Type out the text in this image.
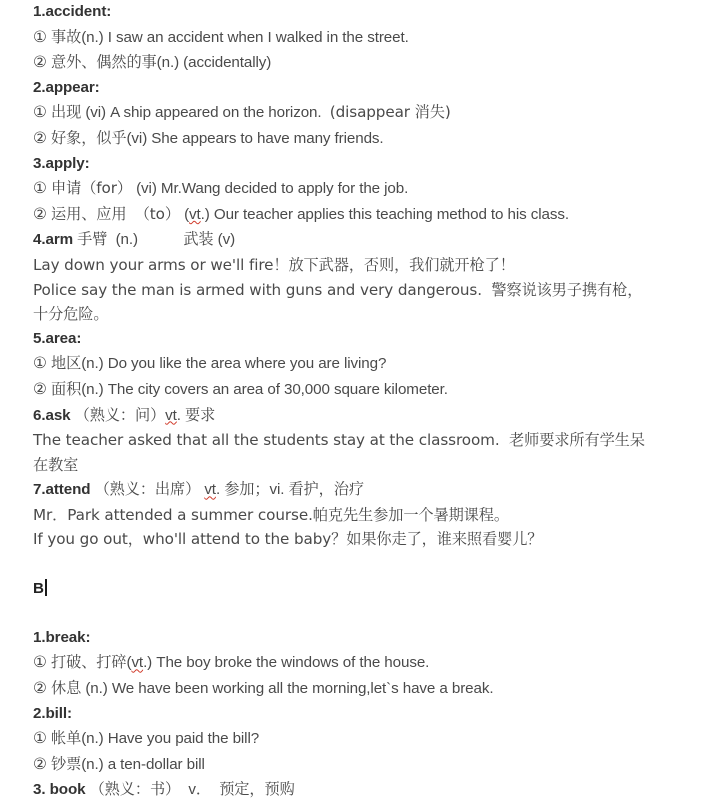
1.accident:
① 事故(n.) I saw an accident when I walked in the street.
② 意外、偶然的事(n.) (accidentally)
2.appear:
① 出现 (vi) A ship appeared on the horizon. (disappear 消失)
② 好象，似乎(vi) She appears to have many friends.
3.apply:
① 申请（for） (vi) Mr.Wang decided to apply for the job.
② 运用、应用 （to） (vt.) Our teacher applies this teaching method to his class.
4.arm 手臂 (n.)	武装 (v)
Lay down your arms or we'll fire！放下武器，否则，我们就开枪了！
Police say the man is armed with guns and very dangerous.  警察说该男子携有枪，
十分危险。
5.area:
① 地区(n.) Do you like the area where you are living?
② 面积(n.) The city covers an area of 30,000 square kilometer.
6.ask （熟义：问）vt. 要求
The teacher asked that all the students stay at the classroom.  老师要求所有学生呆
在教室
7.attend （熟义：出席） vt. 参加；vi. 看护，治疗
Mr．Park attended a summer course.帕克先生参加一个暑期课程。
If you go out，who'll attend to the baby？如果你走了，谁来照看婴儿？
B
1.break:
① 打破、打碎(vt.) The boy broke the windows of the house.
② 休息 (n.) We have been working all the morning,let`s have a break.
2.bill:
① 帐单(n.) Have you paid the bill?
② 钞票(n.) a ten-dollar bill
3. book （熟义：书） v． 预定，预购
